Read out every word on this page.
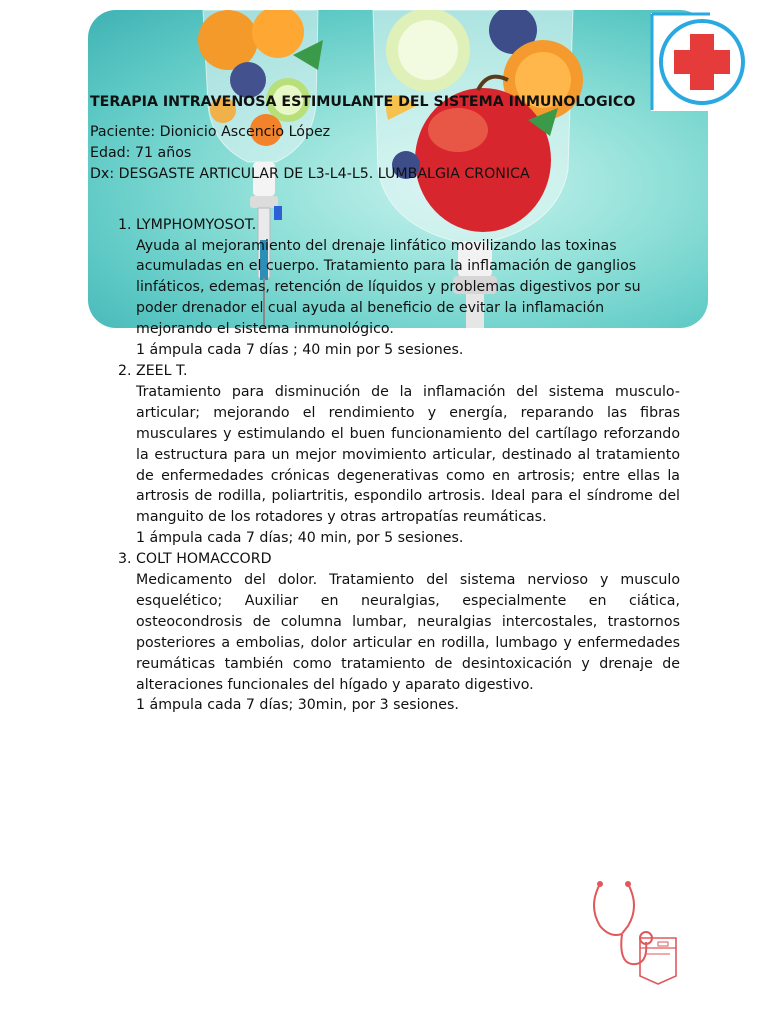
TERAPIA INTRAVENOSA ESTIMULANTE DEL SISTEMA INMUNOLOGICO

Paciente: Dionicio Ascencio López

Edad: 71 años

Dx: DESGASTE ARTICULAR DE L3-L4-L5. LUMBALGIA CRONICA

1. LYMPHOMYOSOT.
Ayuda al mejoramiento del drenaje linfático movilizando las toxinas acumuladas en el cuerpo. Tratamiento para la inflamación de ganglios linfáticos, edemas, retención de líquidos y problemas digestivos por su poder drenador el cual ayuda al beneficio de evitar la inflamación mejorando el sistema inmunológico.
1 ámpula cada 7 días ; 40 min por 5 sesiones.
2. ZEEL T.
Tratamiento para disminución de la inflamación del sistema musculo-articular; mejorando el rendimiento y energía, reparando las fibras musculares y estimulando el buen funcionamiento del cartílago reforzando la estructura para un mejor movimiento articular, destinado al tratamiento de enfermedades crónicas degenerativas como en artrosis; entre ellas la artrosis de rodilla, poliartritis, espondilo artrosis. Ideal para el síndrome del manguito de los rotadores y otras artropatías reumáticas.
1 ámpula cada 7 días; 40 min, por 5 sesiones.
3. COLT HOMACCORD
Medicamento del dolor. Tratamiento del sistema nervioso y musculo esquelético; Auxiliar en neuralgias, especialmente en ciática, osteocondrosis de columna lumbar, neuralgias intercostales, trastornos posteriores a embolias, dolor articular en rodilla, lumbago y enfermedades reumáticas también como tratamiento de desintoxicación y drenaje de alteraciones funcionales del hígado y aparato digestivo.
1 ámpula cada 7 días; 30min, por 3 sesiones.
